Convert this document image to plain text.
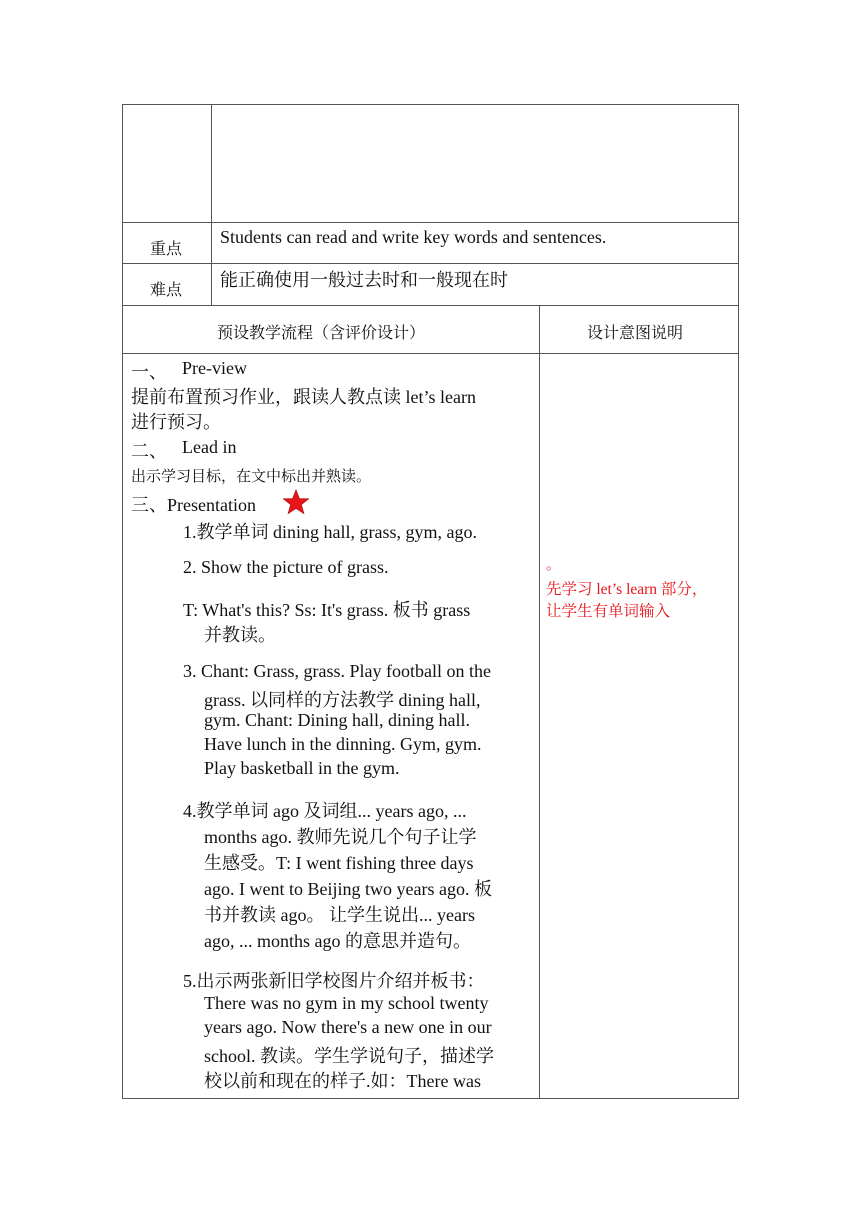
重点
Students can read and write key words and sentences.
难点 能正确使用一般过去时和一般现在时
预设教学流程（含评价设计）	设计意图说明
一、 Pre-view
提前布置预习作业，跟读人教点读 let’s learn
进行预习。
二、 Lead in
出示学习目标，在文中标出并熟读。
三、Presentation
1.教学单词 dining hall, grass, gym, ago.
2. Show the picture of grass.
T: What's this? Ss: It's grass. 板书 grass
并教读。
3. Chant: Grass, grass. Play football on the
grass. 以同样的方法教学 dining hall,
gym. Chant: Dining hall, dining hall.
Have lunch in the dinning. Gym, gym.
Play basketball in the gym.
4.教学单词 ago 及词组... years ago, ...
months ago. 教师先说几个句子让学
生感受。T: I went fishing three days
ago. I went to Beijing two years ago. 板
书并教读 ago。 让学生说出... years
ago, ... months ago 的意思并造句。
5.出示两张新旧学校图片介绍并板书：
There was no gym in my school twenty
years ago. Now there's a new one in our
school. 教读。学生学说句子，描述学
校以前和现在的样子.如：There was
。
先学习 let’s learn 部分，
让学生有单词输入
